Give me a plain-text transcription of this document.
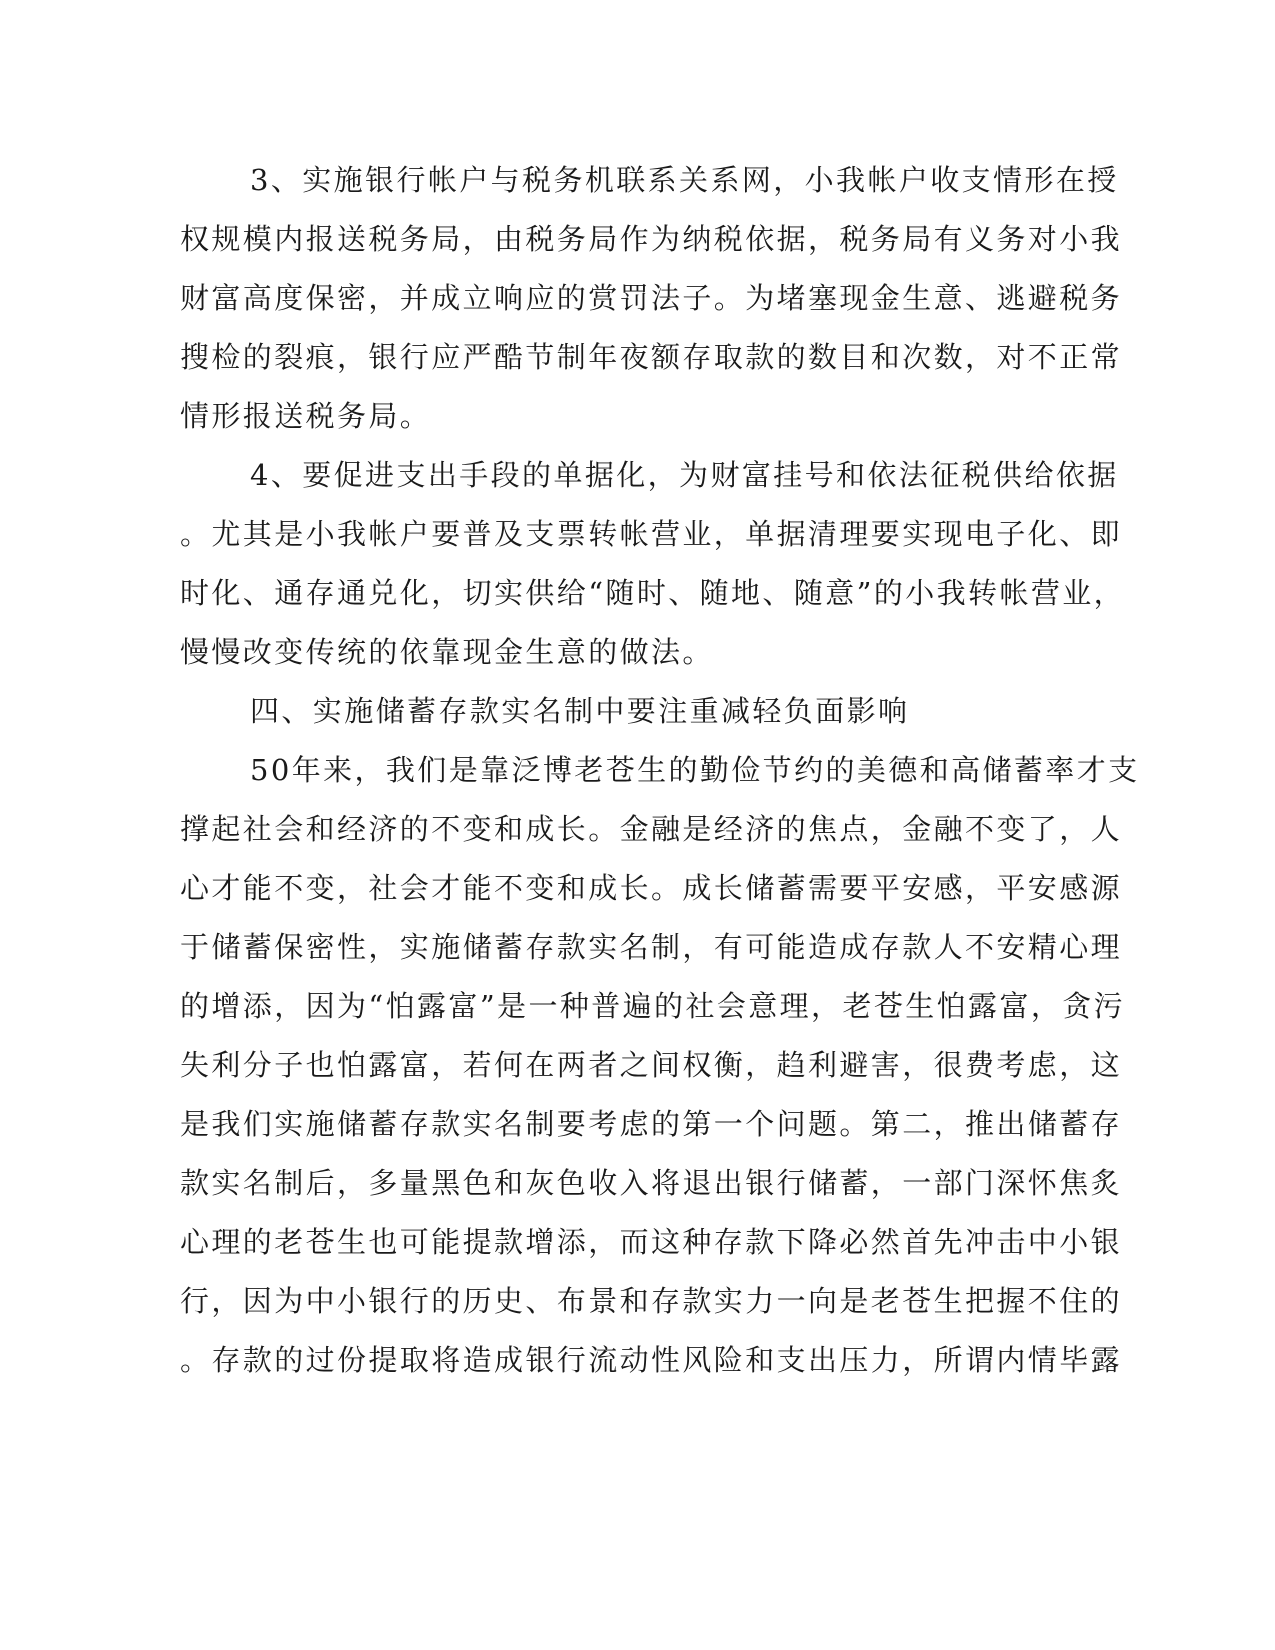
3、实施银行帐户与税务机联系关系网，小我帐户收支情形在授
权规模内报送税务局，由税务局作为纳税依据，税务局有义务对小我
财富高度保密，并成立响应的赏罚法子。为堵塞现金生意、逃避税务
搜检的裂痕，银行应严酷节制年夜额存取款的数目和次数，对不正常
情形报送税务局。
4、要促进支出手段的单据化，为财富挂号和依法征税供给依据
。尤其是小我帐户要普及支票转帐营业，单据清理要实现电子化、即
时化、通存通兑化，切实供给“随时、随地、随意”的小我转帐营业，
慢慢改变传统的依靠现金生意的做法。
四、实施储蓄存款实名制中要注重减轻负面影响
50年来，我们是靠泛博老苍生的勤俭节约的美德和高储蓄率才支
撑起社会和经济的不变和成长。金融是经济的焦点，金融不变了，人
心才能不变，社会才能不变和成长。成长储蓄需要平安感，平安感源
于储蓄保密性，实施储蓄存款实名制，有可能造成存款人不安精心理
的增添，因为“怕露富”是一种普遍的社会意理，老苍生怕露富，贪污
失利分子也怕露富，若何在两者之间权衡，趋利避害，很费考虑，这
是我们实施储蓄存款实名制要考虑的第一个问题。第二，推出储蓄存
款实名制后，多量黑色和灰色收入将退出银行储蓄，一部门深怀焦炙
心理的老苍生也可能提款增添，而这种存款下降必然首先冲击中小银
行，因为中小银行的历史、布景和存款实力一向是老苍生把握不住的
。存款的过份提取将造成银行流动性风险和支出压力，所谓内情毕露
